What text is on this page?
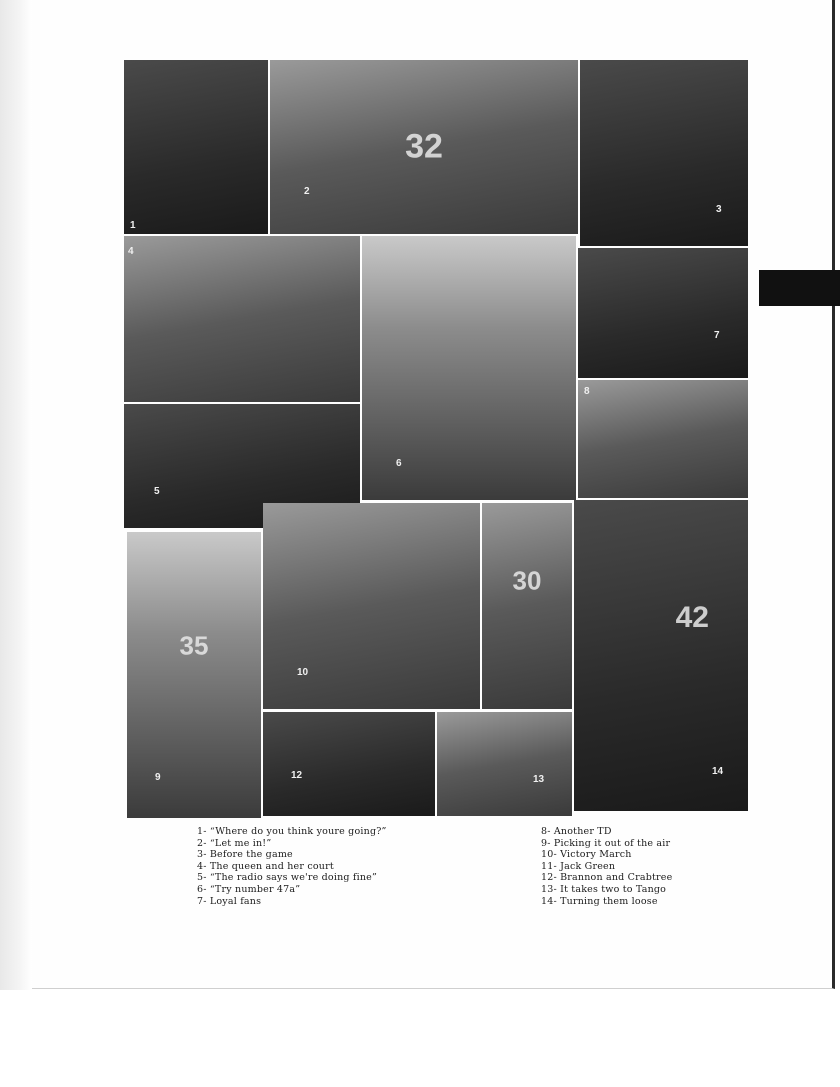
1
32
2
3
4
6
7
8
5
35
9
10
30
42
14
12	13
1- “Where do you think youre going?”
2- “Let me in!”
3- Before the game
4- The queen and her court
5- “The radio says we're doing fine”
6- “Try number 47a”
7- Loyal fans
8- Another TD
9- Picking it out of the air
10- Victory March
11- Jack Green
12- Brannon and Crabtree
13- It takes two to Tango
14- Turning them loose
